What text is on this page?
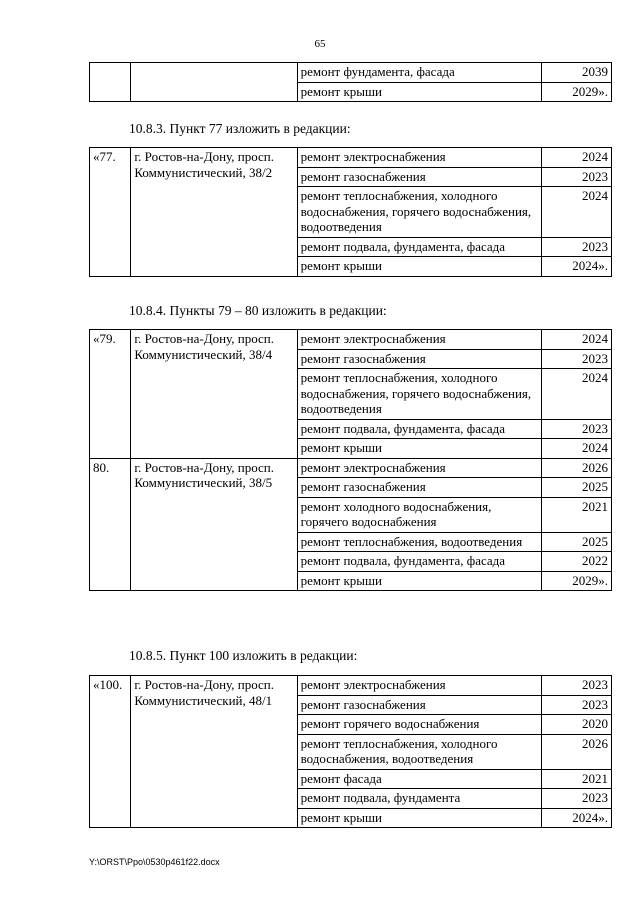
65
		ремонт фундамента, фасада	2039
		ремонт крыши	2029».
10.8.3. Пункт 77 изложить в редакции:
«77.	г. Ростов-на-Дону, просп. Коммунистический, 38/2	ремонт электроснабжения	2024
		ремонт газоснабжения	2023
		ремонт теплоснабжения, холодного водоснабжения, горячего водоснабжения, водоотведения	2024
		ремонт подвала, фундамента, фасада	2023
		ремонт крыши	2024».
10.8.4. Пункты 79 – 80 изложить в редакции:
«79.	г. Ростов-на-Дону, просп. Коммунистический, 38/4	ремонт электроснабжения	2024
		ремонт газоснабжения	2023
		ремонт теплоснабжения, холодного водоснабжения, горячего водоснабжения, водоотведения	2024
		ремонт подвала, фундамента, фасада	2023
		ремонт крыши	2024
80.	г. Ростов-на-Дону, просп. Коммунистический, 38/5	ремонт электроснабжения	2026
		ремонт газоснабжения	2025
		ремонт холодного водоснабжения, горячего водоснабжения	2021
		ремонт теплоснабжения, водоотведения	2025
		ремонт подвала, фундамента, фасада	2022
		ремонт крыши	2029».
10.8.5. Пункт 100 изложить в редакции:
«100.	г. Ростов-на-Дону, просп. Коммунистический, 48/1	ремонт электроснабжения	2023
		ремонт газоснабжения	2023
		ремонт горячего водоснабжения	2020
		ремонт теплоснабжения, холодного водоснабжения, водоотведения	2026
		ремонт фасада	2021
		ремонт подвала, фундамента	2023
		ремонт крыши	2024».
Y:\ORST\Ppo\0530p461f22.docx
